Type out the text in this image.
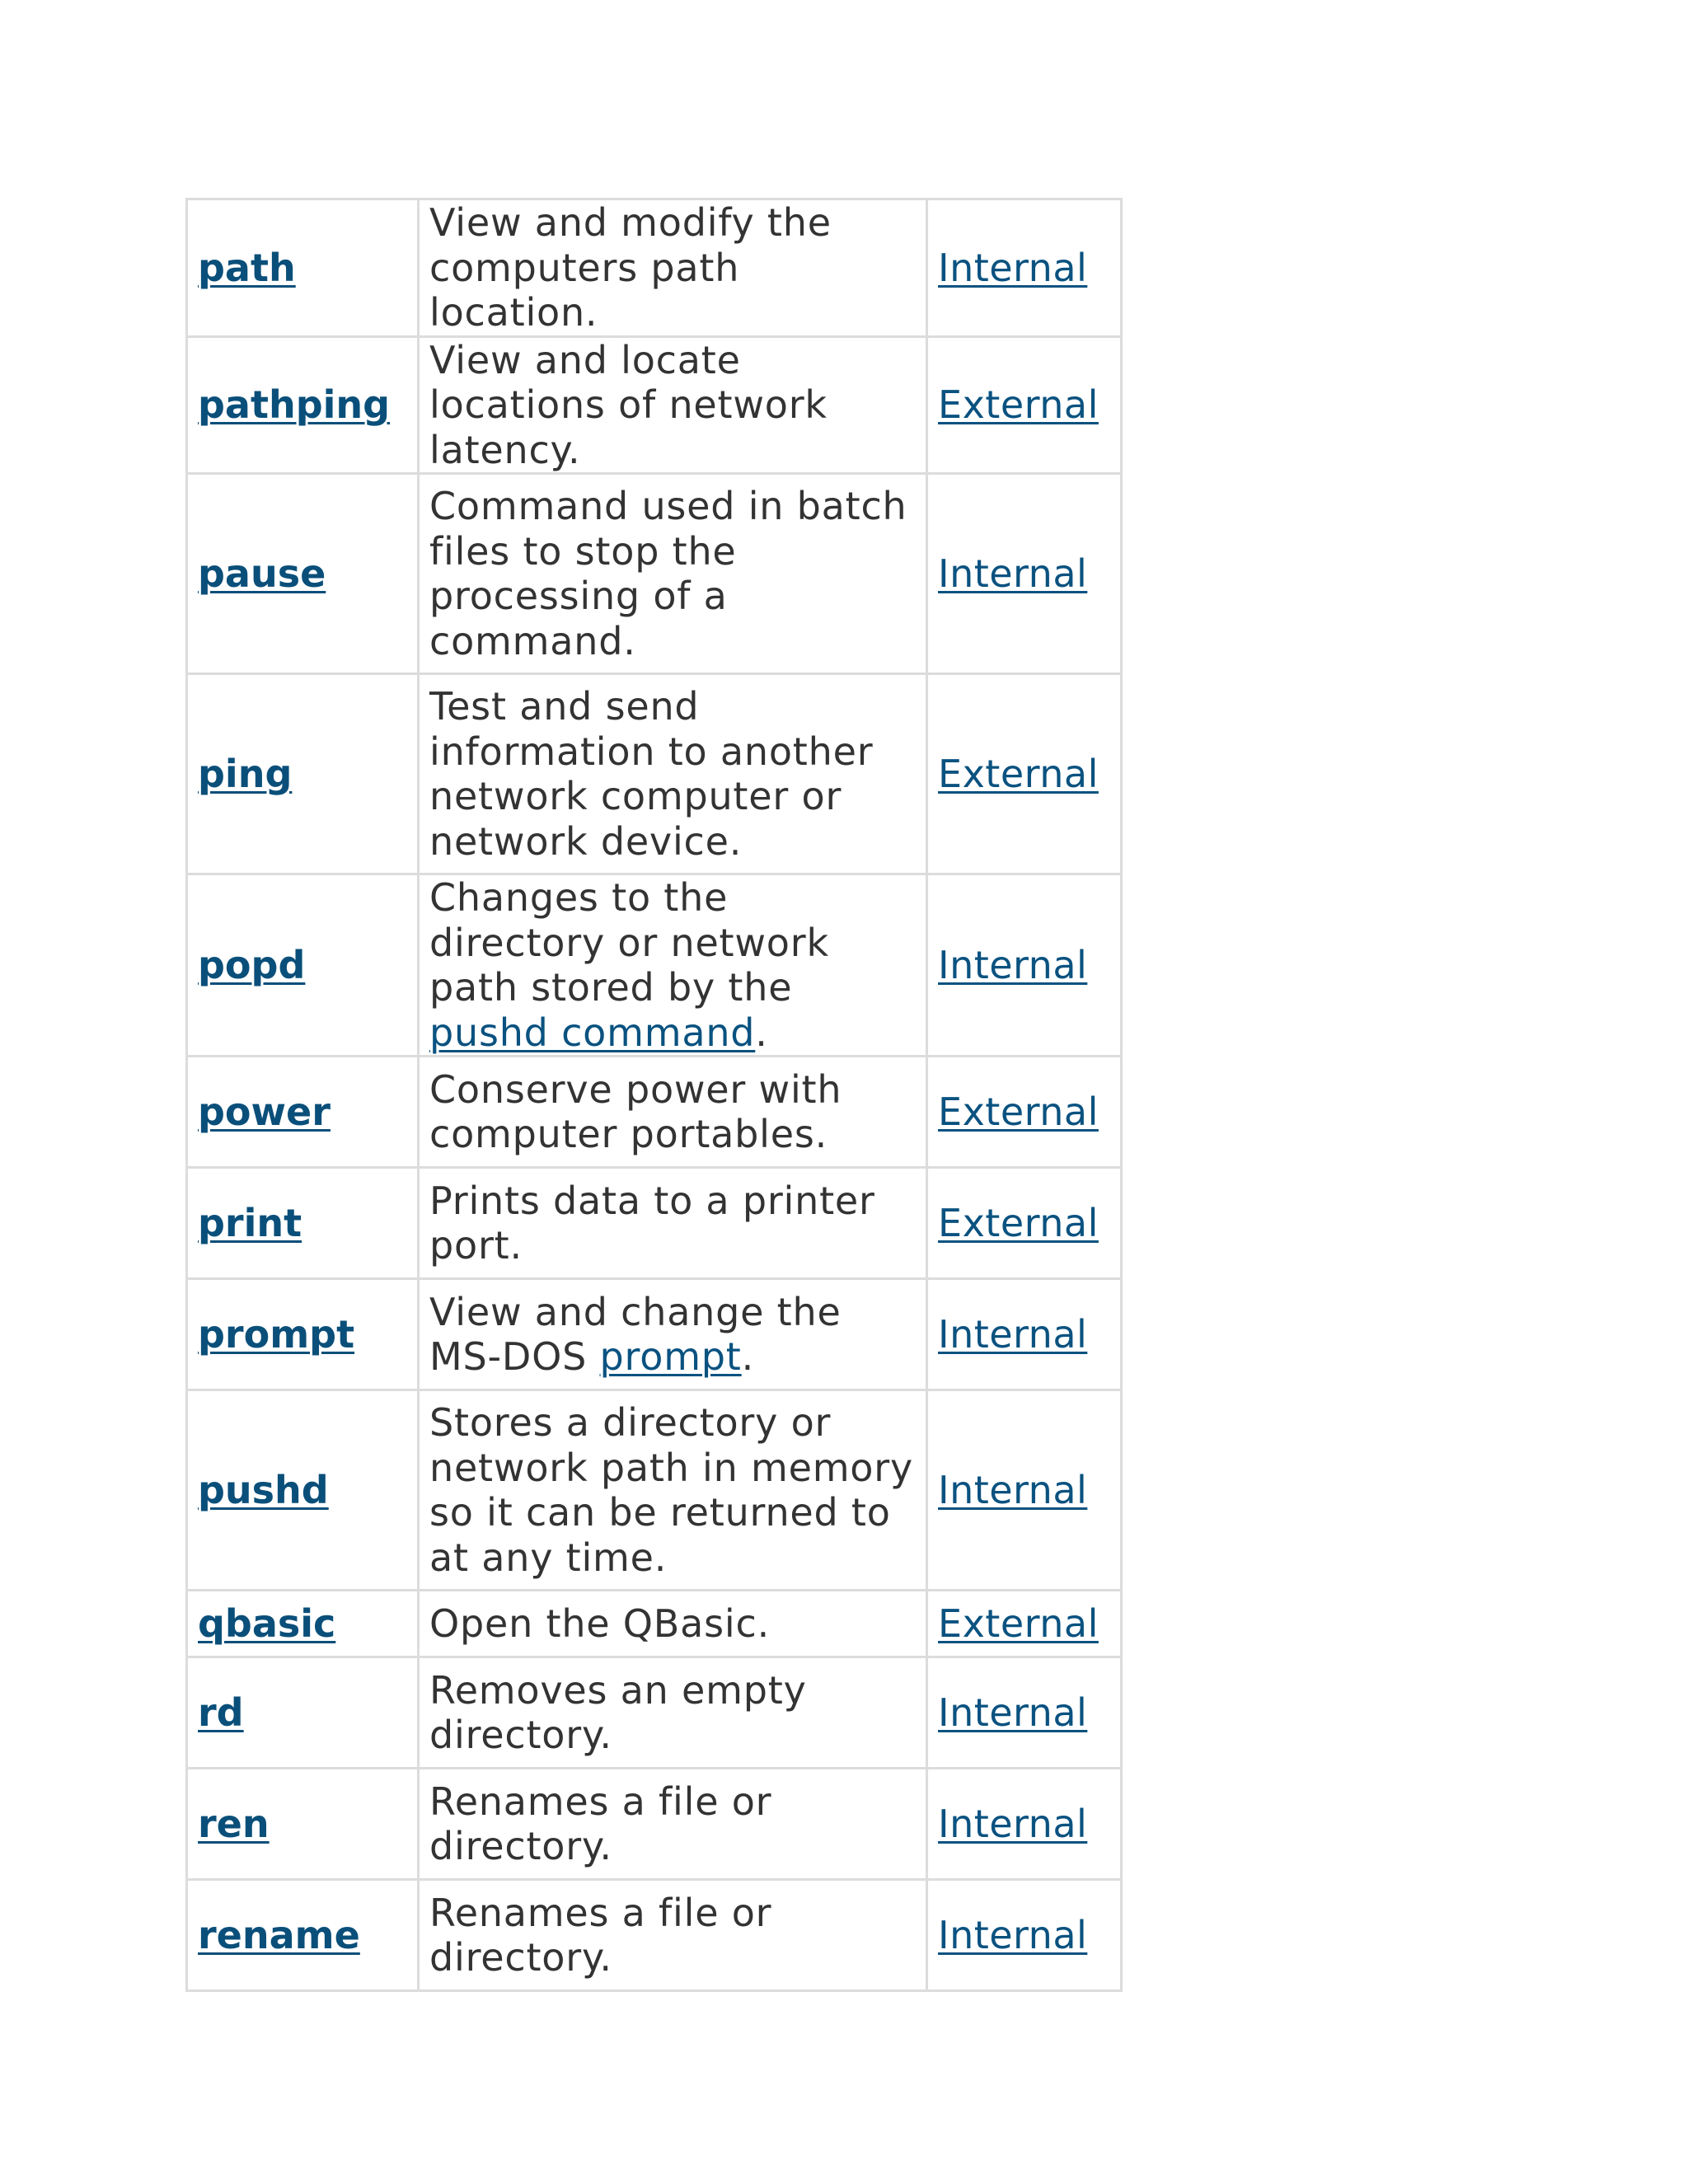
path	View and modify the computers path location.	Internal
pathping	View and locate locations of network latency.	External
pause	Command used in batch files to stop the processing of a command.	Internal
ping	Test and send information to another network computer or network device.	External
popd	Changes to the directory or network path stored by the pushd command.	Internal
power	Conserve power with computer portables.	External
print	Prints data to a printer port.	External
prompt	View and change the MS-DOS prompt.	Internal
pushd	Stores a directory or network path in memory so it can be returned to at any time.	Internal
qbasic	Open the QBasic.	External
rd	Removes an empty directory.	Internal
ren	Renames a file or directory.	Internal
rename	Renames a file or directory.	Internal
